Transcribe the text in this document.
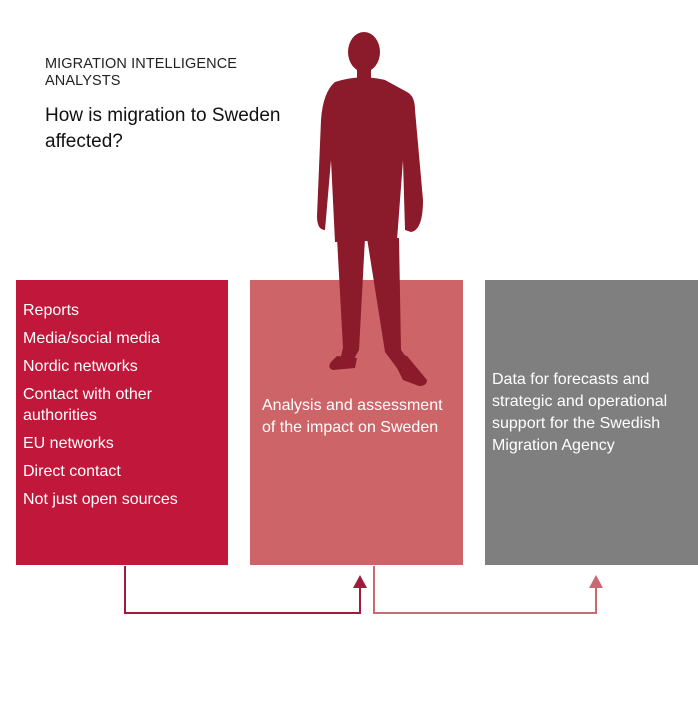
MIGRATION INTELLIGENCE ANALYSTS
How is migration to Sweden affected?
Reports
Media/social media
Nordic networks
Contact with other authorities
EU networks
Direct contact
Not just open sources
Analysis and assessment of the impact on Sweden
Data for forecasts and strategic and operational support for the Swedish Migration Agency
